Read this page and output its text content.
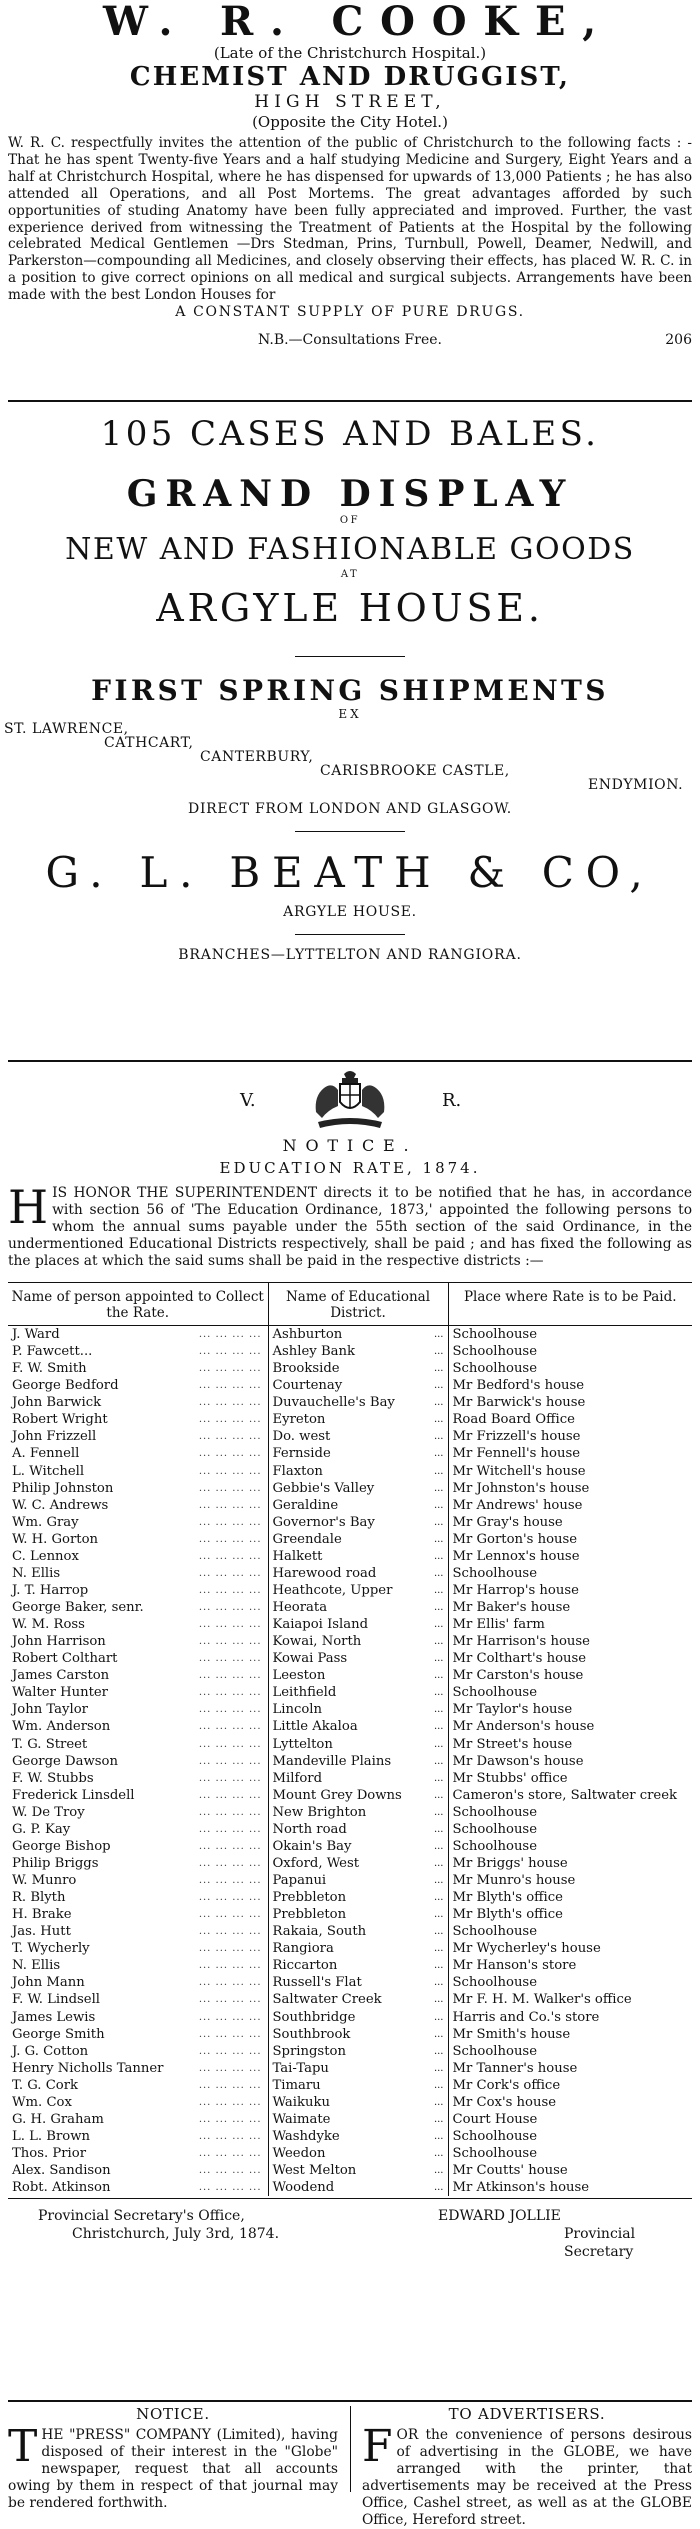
W. R. COOKE,
(Late of the Christchurch Hospital.)
CHEMIST AND DRUGGIST,
HIGH STREET,
(Opposite the City Hotel.)
W. R. C. respectfully invites the attention of the public of Christchurch to the following facts : -That he has spent Twenty-five Years and a half studying Medicine and Surgery, Eight Years and a half at Christchurch Hospital, where he has dispensed for upwards of 13,000 Patients ; he has also attended all Operations, and all Post Mortems. The great advantages afforded by such opportunities of studing Anatomy have been fully appreciated and improved. Further, the vast experience derived from witnessing the Treatment of Patients at the Hospital by the following celebrated Medical Gentlemen —Drs Stedman, Prins, Turnbull, Powell, Deamer, Nedwill, and Parkerston—compounding all Medicines, and closely observing their effects, has placed W. R. C. in a position to give correct opinions on all medical and surgical subjects. Arrangements have been made with the best London Houses for
A CONSTANT SUPPLY OF PURE DRUGS.
N.B.—Consultations Free.	206
105 CASES AND BALES.
GRAND DISPLAY
OF
NEW AND FASHIONABLE GOODS
AT
ARGYLE HOUSE.
FIRST SPRING SHIPMENTS
EX
ST. LAWRENCE,
CATHCART,
CANTERBURY,
CARISBROOKE CASTLE,
ENDYMION.
DIRECT FROM LONDON AND GLASGOW.
G. L. BEATH & CO,
ARGYLE HOUSE.
BRANCHES—LYTTELTON AND RANGIORA.
V.	R.
NOTICE.
EDUCATION RATE, 1874.
HIS HONOR THE SUPERINTENDENT directs it to be notified that he has, in accordance with section 56 of 'The Education Ordinance, 1873,' appointed the following persons to whom the annual sums payable under the 55th section of the said Ordinance, in the undermentioned Educational Districts respectively, shall be paid ; and has fixed the following as the places at which the said sums shall be paid in the respective districts :—
Name of person appointed to Collect the Rate.	Name of Educational District.	Place where Rate is to be Paid.
J. Ward ...	Ashburton ...	Schoolhouse
P. Fawcett... ...	Ashley Bank ...	Schoolhouse
F. W. Smith ...	Brookside ...	Schoolhouse
George Bedford ...	Courtenay ...	Mr Bedford's house
John Barwick ...	Duvauchelle's Bay ...	Mr Barwick's house
Robert Wright ...	Eyreton ...	Road Board Office
John Frizzell ...	Do. west ...	Mr Frizzell's house
A. Fennell ...	Fernside ...	Mr Fennell's house
L. Witchell ...	Flaxton ...	Mr Witchell's house
Philip Johnston ...	Gebbie's Valley ...	Mr Johnston's house
W. C. Andrews ...	Geraldine ...	Mr Andrews' house
Wm. Gray ...	Governor's Bay ...	Mr Gray's house
W. H. Gorton ...	Greendale ...	Mr Gorton's house
C. Lennox ...	Halkett ...	Mr Lennox's house
N. Ellis ...	Harewood road ...	Schoolhouse
J. T. Harrop ...	Heathcote, Upper ...	Mr Harrop's house
George Baker, senr. ...	Heorata ...	Mr Baker's house
W. M. Ross ...	Kaiapoi Island ...	Mr Ellis' farm
John Harrison ...	Kowai, North ...	Mr Harrison's house
Robert Colthart ...	Kowai Pass ...	Mr Colthart's house
James Carston ...	Leeston ...	Mr Carston's house
Walter Hunter ...	Leithfield ...	Schoolhouse
John Taylor ...	Lincoln ...	Mr Taylor's house
Wm. Anderson ...	Little Akaloa ...	Mr Anderson's house
T. G. Street ...	Lyttelton ...	Mr Street's house
George Dawson ...	Mandeville Plains ...	Mr Dawson's house
F. W. Stubbs ...	Milford ...	Mr Stubbs' office
Frederick Linsdell ...	Mount Grey Downs ...	Cameron's store, Saltwater creek
W. De Troy ...	New Brighton ...	Schoolhouse
G. P. Kay ...	North road ...	Schoolhouse
George Bishop ...	Okain's Bay ...	Schoolhouse
Philip Briggs ...	Oxford, West ...	Mr Briggs' house
W. Munro ...	Papanui ...	Mr Munro's house
R. Blyth ...	Prebbleton ...	Mr Blyth's office
H. Brake ...	Prebbleton ...	Mr Blyth's office
Jas. Hutt ...	Rakaia, South ...	Schoolhouse
T. Wycherly ...	Rangiora ...	Mr Wycherley's house
N. Ellis ...	Riccarton ...	Mr Hanson's store
John Mann ...	Russell's Flat ...	Schoolhouse
F. W. Lindsell ...	Saltwater Creek ...	Mr F. H. M. Walker's office
James Lewis ...	Southbridge ...	Harris and Co.'s store
George Smith ...	Southbrook ...	Mr Smith's house
J. G. Cotton ...	Springston ...	Schoolhouse
Henry Nicholls Tanner ...	Tai-Tapu ...	Mr Tanner's house
T. G. Cork ...	Timaru ...	Mr Cork's office
Wm. Cox ...	Waikuku ...	Mr Cox's house
G. H. Graham ...	Waimate ...	Court House
L. L. Brown ...	Washdyke ...	Schoolhouse
Thos. Prior ...	Weedon ...	Schoolhouse
Alex. Sandison ...	West Melton ...	Mr Coutts' house
Robt. Atkinson ...	Woodend ...	Mr Atkinson's house
Provincial Secretary's Office,
Christchurch, July 3rd, 1874.
EDWARD JOLLIE
Provincial Secretary
NOTICE.
T HE "PRESS" COMPANY (Limited), having disposed of their interest in the "Globe" newspaper, request that all accounts owing by them in respect of that journal may be rendered forthwith.
TO ADVERTISERS.
F OR the convenience of persons desirous of advertising in the GLOBE, we have arranged with the printer, that advertisements may be received at the Press Office, Cashel street, as well as at the GLOBE Office, Hereford street.
